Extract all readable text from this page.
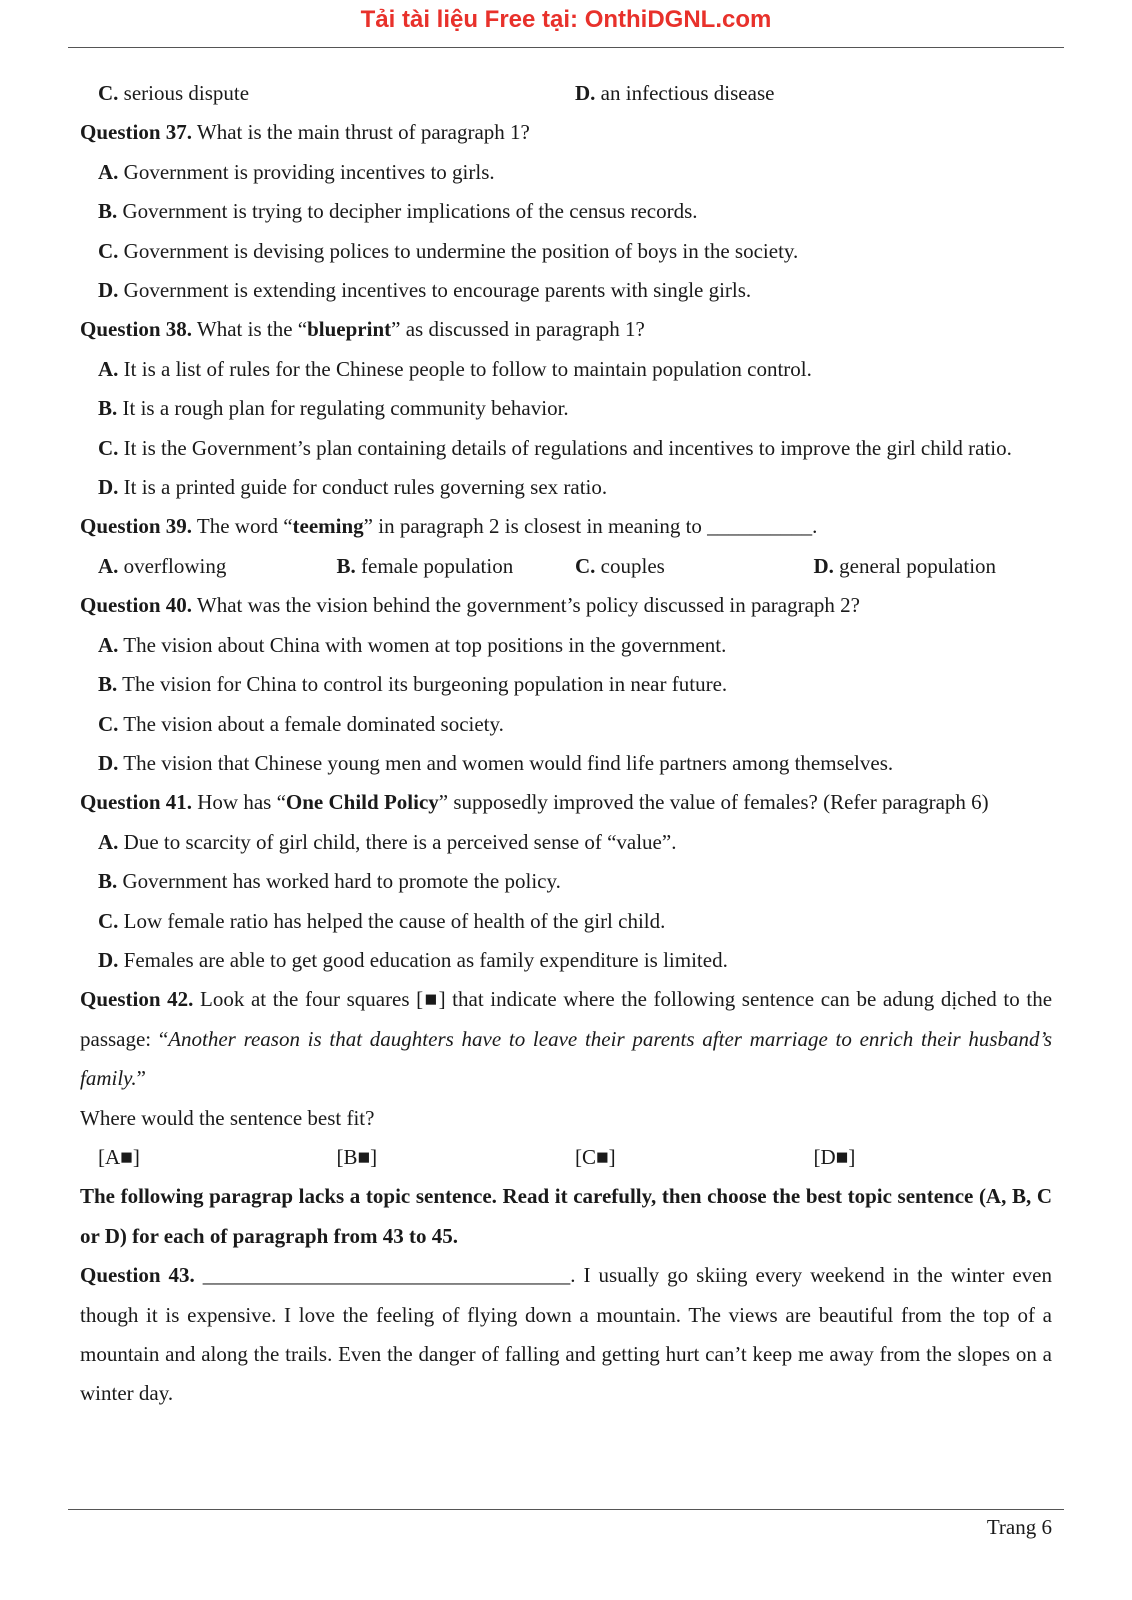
Tải tài liệu Free tại: OnthiDGNL.com
C. serious dispute	D. an infectious disease
Question 37. What is the main thrust of paragraph 1?
A. Government is providing incentives to girls.
B. Government is trying to decipher implications of the census records.
C. Government is devising polices to undermine the position of boys in the society.
D. Government is extending incentives to encourage parents with single girls.
Question 38. What is the “blueprint” as discussed in paragraph 1?
A. It is a list of rules for the Chinese people to follow to maintain population control.
B. It is a rough plan for regulating community behavior.
C. It is the Government’s plan containing details of regulations and incentives to improve the girl child ratio.
D. It is a printed guide for conduct rules governing sex ratio.
Question 39. The word “teeming” in paragraph 2 is closest in meaning to __________.
A. overflowing	B. female population	C. couples	D. general population
Question 40. What was the vision behind the government’s policy discussed in paragraph 2?
A. The vision about China with women at top positions in the government.
B. The vision for China to control its burgeoning population in near future.
C. The vision about a female dominated society.
D. The vision that Chinese young men and women would find life partners among themselves.
Question 41. How has “One Child Policy” supposedly improved the value of females? (Refer paragraph 6)
A. Due to scarcity of girl child, there is a perceived sense of “value”.
B. Government has worked hard to promote the policy.
C. Low female ratio has helped the cause of health of the girl child.
D. Females are able to get good education as family expenditure is limited.
Question 42. Look at the four squares [■] that indicate where the following sentence can be adung dịched to the passage: “Another reason is that daughters have to leave their parents after marriage to enrich their husband’s family.”
Where would the sentence best fit?
[A■]	[B■]	[C■]	[D■]
The following paragrap lacks a topic sentence. Read it carefully, then choose the best topic sentence (A, B, C or D) for each of paragraph from 43 to 45.
Question 43. ___________________________________. I usually go skiing every weekend in the winter even though it is expensive. I love the feeling of flying down a mountain. The views are beautiful from the top of a mountain and along the trails. Even the danger of falling and getting hurt can’t keep me away from the slopes on a winter day.
Trang 6
